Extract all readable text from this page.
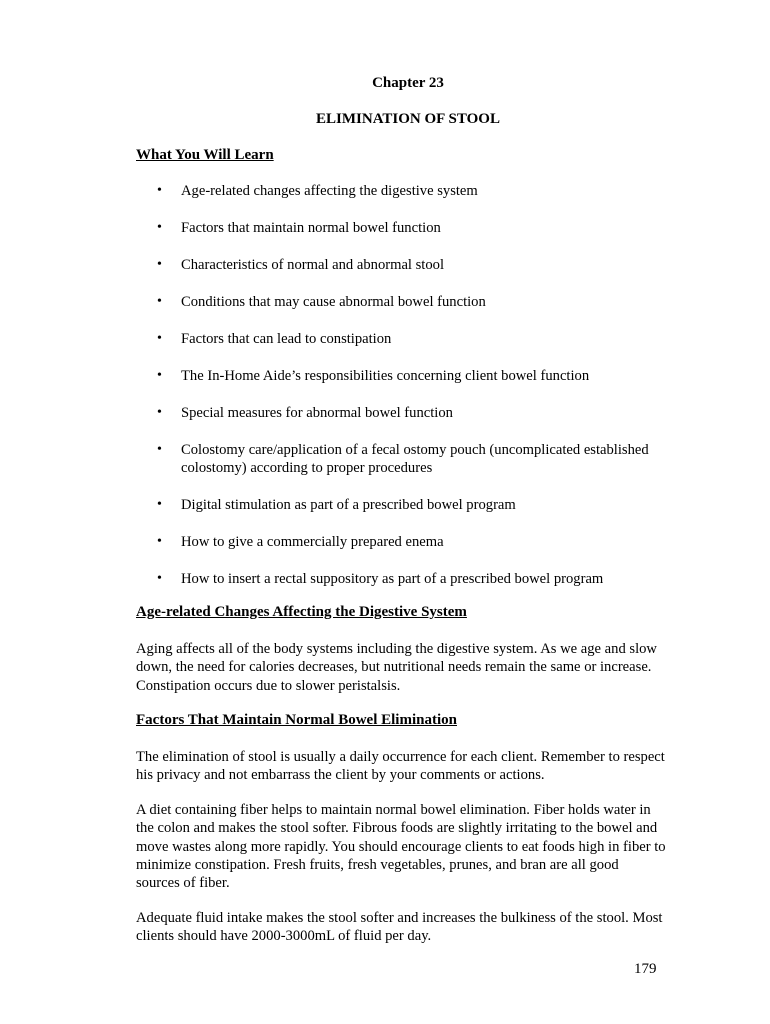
Chapter 23
ELIMINATION OF STOOL
What You Will Learn
• Age-related changes affecting the digestive system
• Factors that maintain normal bowel function
• Characteristics of normal and abnormal stool
• Conditions that may cause abnormal bowel function
• Factors that can lead to constipation
• The In-Home Aide’s responsibilities concerning client bowel function
• Special measures for abnormal bowel function
• Colostomy care/application of a fecal ostomy pouch (uncomplicated established colostomy) according to proper procedures
• Digital stimulation as part of a prescribed bowel program
• How to give a commercially prepared enema
• How to insert a rectal suppository as part of a prescribed bowel program
Age-related Changes Affecting the Digestive System
Aging affects all of the body systems including the digestive system. As we age and slow down, the need for calories decreases, but nutritional needs remain the same or increase. Constipation occurs due to slower peristalsis.
Factors That Maintain Normal Bowel Elimination
The elimination of stool is usually a daily occurrence for each client. Remember to respect his privacy and not embarrass the client by your comments or actions.
A diet containing fiber helps to maintain normal bowel elimination. Fiber holds water in the colon and makes the stool softer. Fibrous foods are slightly irritating to the bowel and move wastes along more rapidly. You should encourage clients to eat foods high in fiber to minimize constipation. Fresh fruits, fresh vegetables, prunes, and bran are all good sources of fiber.
Adequate fluid intake makes the stool softer and increases the bulkiness of the stool. Most clients should have 2000-3000mL of fluid per day.
179
